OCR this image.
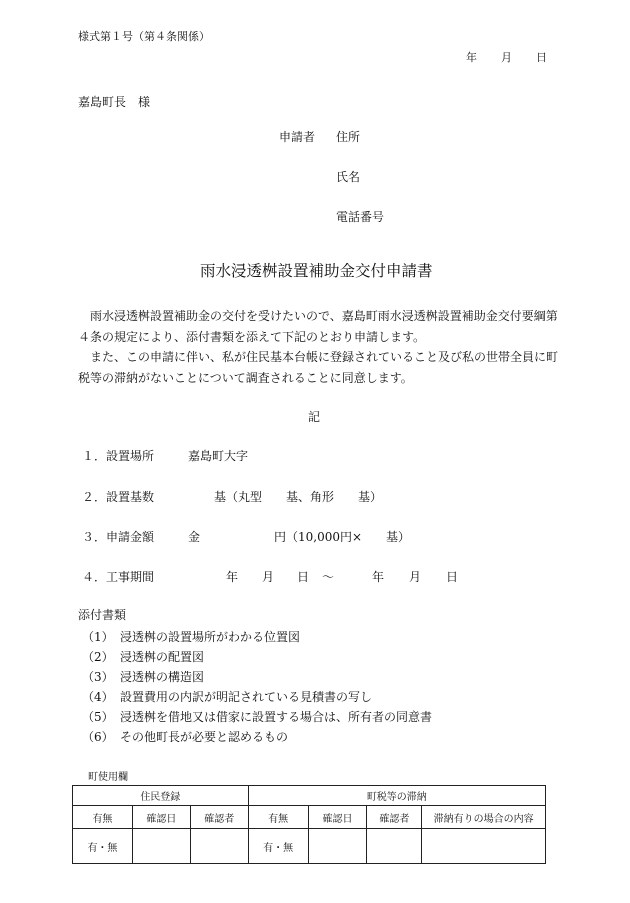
様式第１号（第４条関係）
年 月 日
嘉島町長　様
申請者 住所
氏名
電話番号
雨水浸透桝設置補助金交付申請書

雨水浸透桝設置補助金の交付を受けたいので、嘉島町雨水浸透桝設置補助金交付要綱第４条の規定により、添付書類を添えて下記のとおり申請します。

また、この申請に伴い、私が住民基本台帳に登録されていること及び私の世帯全員に町税等の滞納がないことについて調査されることに同意します。

記
１．設置場所	嘉島町大字
２．設置基数	基（丸型　　基、角形　　基）
３．申請金額	金	円（10,000円×　　基）
４．工事期間	年 月 日 ～	年 月 日
添付書類
（1） 浸透桝の設置場所がわかる位置図
（2） 浸透桝の配置図
（3） 浸透桝の構造図
（4） 設置費用の内訳が明記されている見積書の写し
（5） 浸透桝を借地又は借家に設置する場合は、所有者の同意書
（6） その他町長が必要と認めるもの
町使用欄
住民登録			町税等の滞納			
有無	確認日	確認者	有無	確認日	確認者	滞納有りの場合の内容
有・無			有・無			
